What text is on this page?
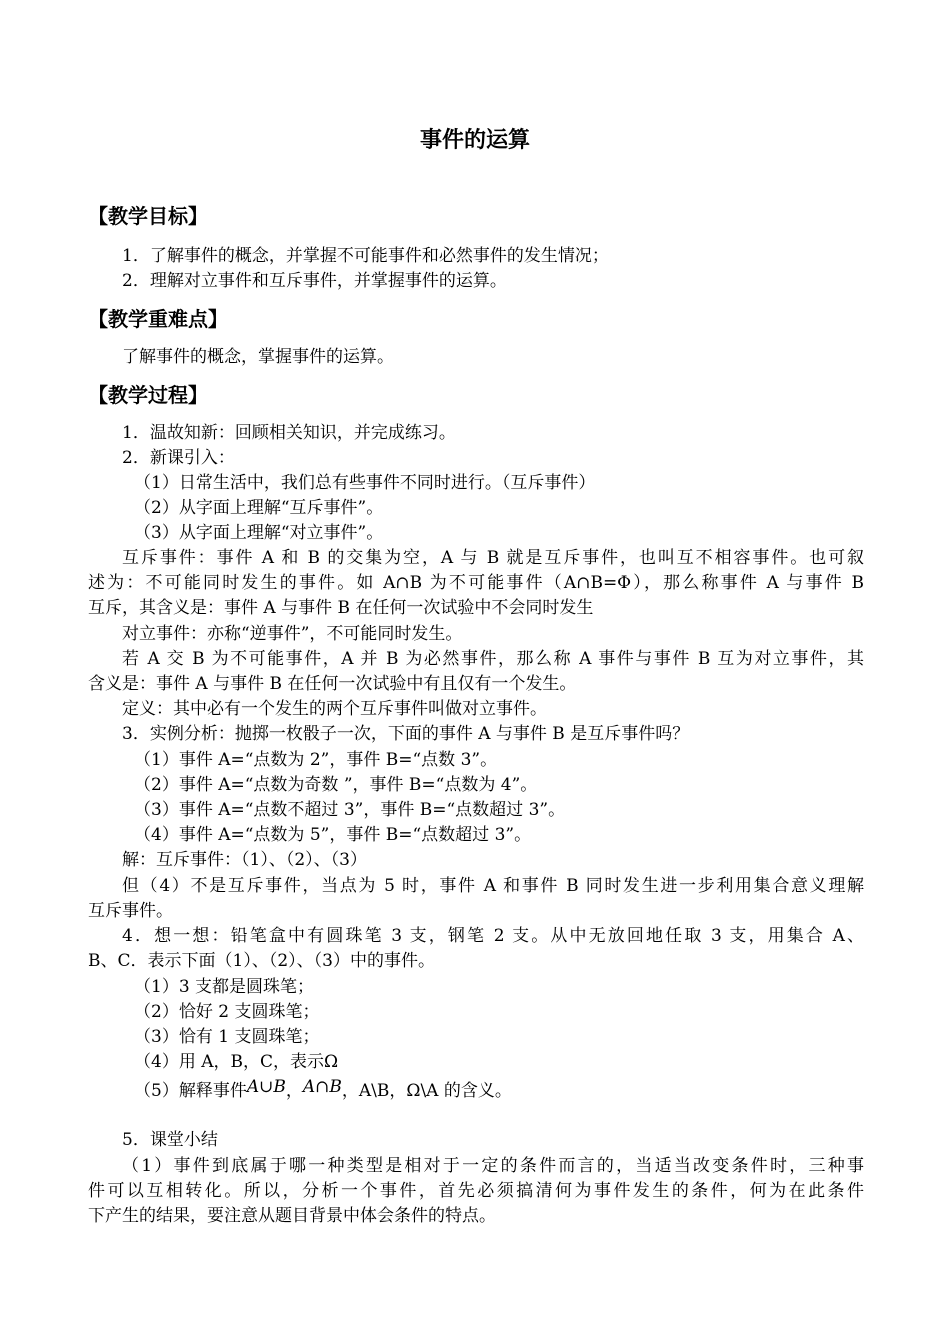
事件的运算
【教学目标】
1．了解事件的概念，并掌握不可能事件和必然事件的发生情况；
2．理解对立事件和互斥事件，并掌握事件的运算。
【教学重难点】
了解事件的概念，掌握事件的运算。
【教学过程】
1．温故知新：回顾相关知识，并完成练习。
2．新课引入：
（1）日常生活中，我们总有些事件不同时进行。（互斥事件）
（2）从字面上理解“互斥事件”。
（3）从字面上理解“对立事件”。
互斥事件：事件 A 和 B 的交集为空，A 与 B 就是互斥事件，也叫互不相容事件。也可叙
述为：不可能同时发生的事件。如 A∩B 为不可能事件（A∩B=Φ），那么称事件 A 与事件 B
互斥，其含义是：事件 A 与事件 B 在任何一次试验中不会同时发生
对立事件：亦称“逆事件”，不可能同时发生。
若 A 交 B 为不可能事件，A 并 B 为必然事件，那么称 A 事件与事件 B 互为对立事件，其
含义是：事件 A 与事件 B 在任何一次试验中有且仅有一个发生。
定义：其中必有一个发生的两个互斥事件叫做对立事件。
3．实例分析：抛掷一枚骰子一次，下面的事件 A 与事件 B 是互斥事件吗？
（1）事件 A=“点数为 2”，事件 B=“点数 3”。
（2）事件 A=“点数为奇数 ”，事件 B=“点数为 4”。
（3）事件 A=“点数不超过 3”，事件 B=“点数超过 3”。
（4）事件 A=“点数为 5”，事件 B=“点数超过 3”。
解：互斥事件：（1）、（2）、（3）
但（4）不是互斥事件，当点为 5 时，事件 A 和事件 B 同时发生进一步利用集合意义理解
互斥事件。
4．想一想：铅笔盒中有圆珠笔 3 支，钢笔 2 支。从中无放回地任取 3 支，用集合 A、
B、C．表示下面（1）、（2）、（3）中的事件。
（1）3 支都是圆珠笔；
（2）恰好 2 支圆珠笔；
（3）恰有 1 支圆珠笔；
（4）用 A，B，C，表示Ω
（5）解释事件A∪B，A∩B，A\B，Ω\A 的含义。
5．课堂小结
（1）事件到底属于哪一种类型是相对于一定的条件而言的，当适当改变条件时，三种事
件可以互相转化。所以，分析一个事件，首先必须搞清何为事件发生的条件，何为在此条件
下产生的结果，要注意从题目背景中体会条件的特点。
